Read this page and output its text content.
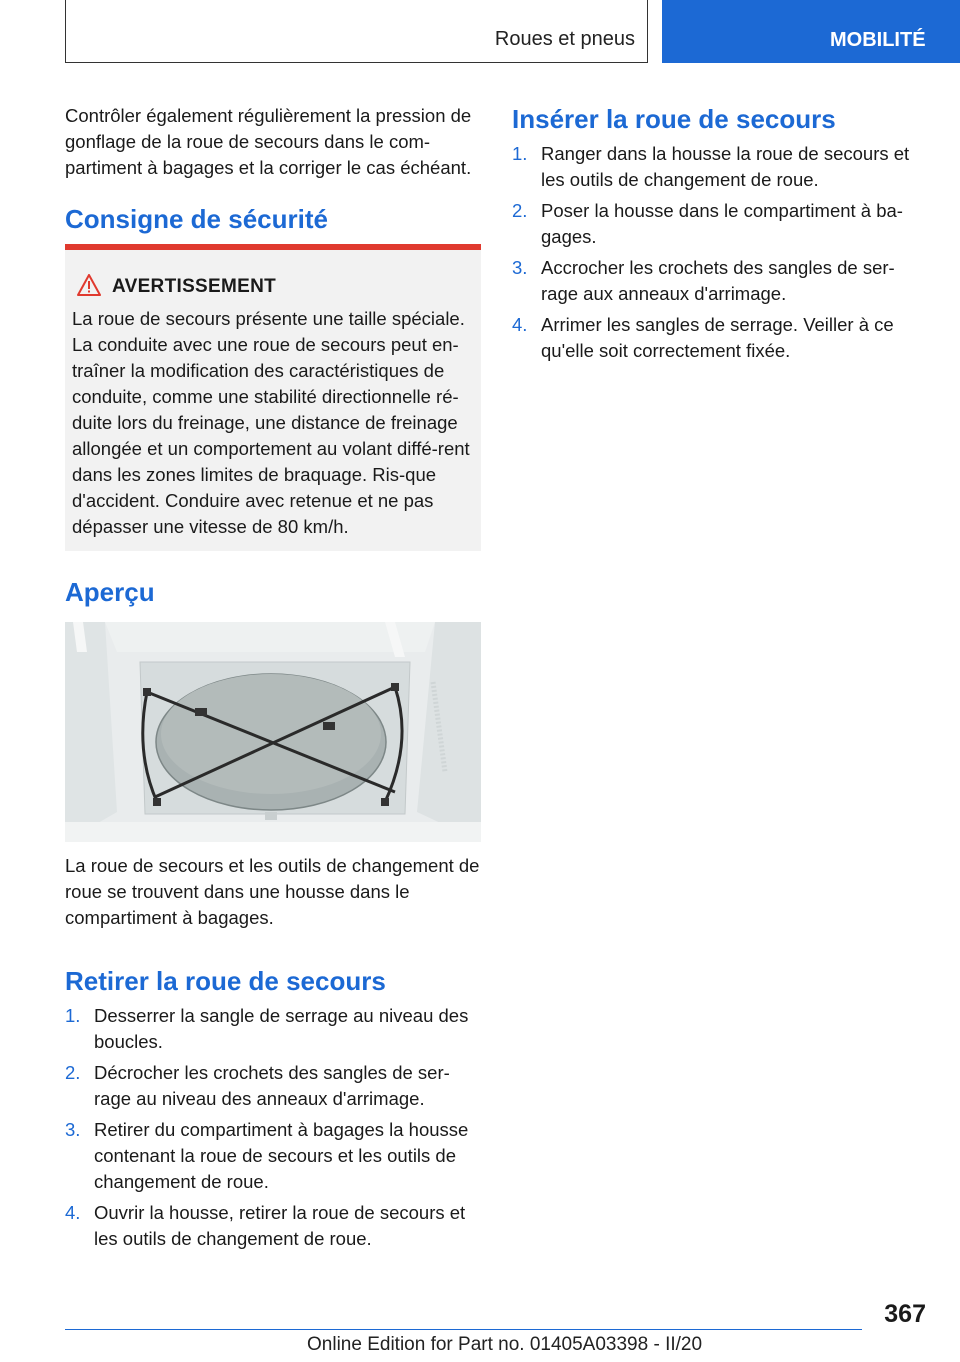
Roues et pneus	MOBILITÉ

Contrôler également régulièrement la pression de gonflage de la roue de secours dans le com-partiment à bagages et la corriger le cas échéant.

Consigne de sécurité
AVERTISSEMENT
La roue de secours présente une taille spéciale. La conduite avec une roue de secours peut en-traîner la modification des caractéristiques de conduite, comme une stabilité directionnelle ré-duite lors du freinage, une distance de freinage allongée et un comportement au volant diffé-rent dans les zones limites de braquage. Ris-que d'accident. Conduire avec retenue et ne pas dépasser une vitesse de 80 km/h.
Aperçu

La roue de secours et les outils de changement de roue se trouvent dans une housse dans le compartiment à bagages.

Retirer la roue de secours
1. Desserrer la sangle de serrage au niveau des boucles.
2. Décrocher les crochets des sangles de ser-rage au niveau des anneaux d'arrimage.
3. Retirer du compartiment à bagages la housse contenant la roue de secours et les outils de changement de roue.
4. Ouvrir la housse, retirer la roue de secours et les outils de changement de roue.
Insérer la roue de secours
1. Ranger dans la housse la roue de secours et les outils de changement de roue.
2. Poser la housse dans le compartiment à ba-gages.
3. Accrocher les crochets des sangles de ser-rage aux anneaux d'arrimage.
4. Arrimer les sangles de serrage. Veiller à ce qu'elle soit correctement fixée.
367
Online Edition for Part no. 01405A03398 - II/20
